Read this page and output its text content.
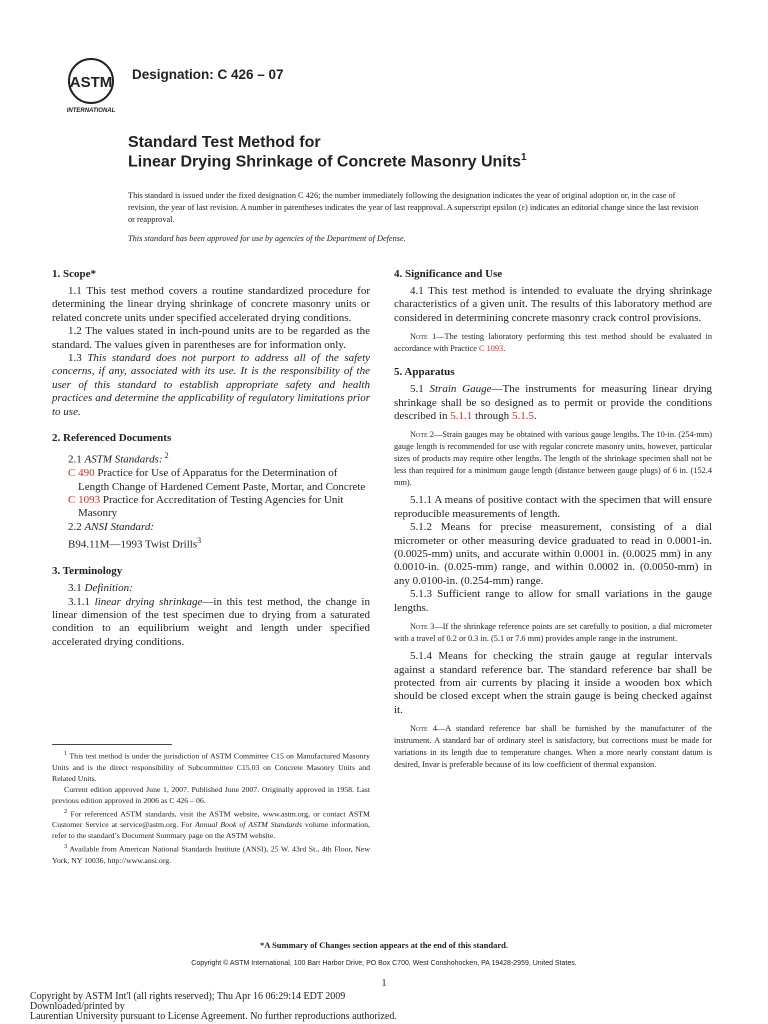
ASTM
INTERNATIONAL
Designation: C 426 – 07
Standard Test Method for
Linear Drying Shrinkage of Concrete Masonry Units$^1$
This standard is issued under the fixed designation C 426; the number immediately following the designation indicates the year of original adoption or, in the case of revision, the year of last revision. A number in parentheses indicates the year of last reapproval. A superscript epsilon (ε) indicates an editorial change since the last revision or reapproval.
This standard has been approved for use by agencies of the Department of Defense.
1. Scope*
1.1 This test method covers a routine standardized procedure for determining the linear drying shrinkage of concrete masonry units or related concrete units under specified accelerated drying conditions.
1.2 The values stated in inch-pound units are to be regarded as the standard. The values given in parentheses are for information only.
1.3 This standard does not purport to address all of the safety concerns, if any, associated with its use. It is the responsibility of the user of this standard to establish appropriate safety and health practices and determine the applicability of regulatory limitations prior to use.
2. Referenced Documents
2.1 ASTM Standards: $^2$
C 490 Practice for Use of Apparatus for the Determination of Length Change of Hardened Cement Paste, Mortar, and Concrete
C 1093 Practice for Accreditation of Testing Agencies for Unit Masonry
2.2 ANSI Standard:
B94.11M—1993 Twist Drills$^3$
3. Terminology
3.1 Definition:
3.1.1 linear drying shrinkage—in this test method, the change in linear dimension of the test specimen due to drying from a saturated condition to an equilibrium weight and length under specified accelerated drying conditions.
$^1$ This test method is under the jurisdiction of ASTM Committee C15 on Manufactured Masonry Units and is the direct responsibility of Subcommittee C15.03 on Concrete Masonry Units and Related Units.
Current edition approved June 1, 2007. Published June 2007. Originally approved in 1958. Last previous edition approved in 2006 as C 426 – 06.
$^2$ For referenced ASTM standards, visit the ASTM website, www.astm.org, or contact ASTM Customer Service at service@astm.org. For Annual Book of ASTM Standards volume information, refer to the standard’s Document Summary page on the ASTM website.
$^3$ Available from American National Standards Institute (ANSI), 25 W. 43rd St., 4th Floor, New York, NY 10036, http://www.ansi.org.
4. Significance and Use
4.1 This test method is intended to evaluate the drying shrinkage characteristics of a given unit. The results of this laboratory method are considered in determining concrete masonry crack control provisions.
Note 1—The testing laboratory performing this test method should be evaluated in accordance with Practice C 1093.
5. Apparatus
5.1 Strain Gauge—The instruments for measuring linear drying shrinkage shall be so designed as to permit or provide the conditions described in 5.1.1 through 5.1.5.
Note 2—Strain gauges may be obtained with various gauge lengths. The 10-in. (254-mm) gauge length is recommended for use with regular concrete masonry units, however, particular sizes of products may require other lengths. The length of the shrinkage specimen shall not be less than required for a minimum gauge length (distance between gauge plugs) of 6 in. (152.4 mm).
5.1.1 A means of positive contact with the specimen that will ensure reproducible measurements of length.
5.1.2 Means for precise measurement, consisting of a dial micrometer or other measuring device graduated to read in 0.0001-in. (0.0025-mm) units, and accurate within 0.0001 in. (0.0025 mm) in any 0.0010-in. (0.025-mm) range, and within 0.0002 in. (0.0050-mm) in any 0.0100-in. (0.254-mm) range.
5.1.3 Sufficient range to allow for small variations in the gauge lengths.
Note 3—If the shrinkage reference points are set carefully to position, a dial micrometer with a travel of 0.2 or 0.3 in. (5.1 or 7.6 mm) provides ample range in the instrument.
5.1.4 Means for checking the strain gauge at regular intervals against a standard reference bar. The standard reference bar shall be protected from air currents by placing it inside a wooden box which should be closed except when the strain gauge is being checked against it.
Note 4—A standard reference bar shall be furnished by the manufacturer of the instrument. A standard bar of ordinary steel is satisfactory, but corrections must be made for variations in its length due to temperature changes. When a more nearly constant datum is desired, Invar is preferable because of its low coefficient of thermal expansion.
*A Summary of Changes section appears at the end of this standard.
Copyright © ASTM International, 100 Barr Harbor Drive, PO Box C700, West Conshohocken, PA 19428-2959, United States.
1
Copyright by ASTM Int'l (all rights reserved); Thu Apr 16 06:29:14 EDT 2009
Downloaded/printed by
Laurentian University pursuant to License Agreement. No further reproductions authorized.
